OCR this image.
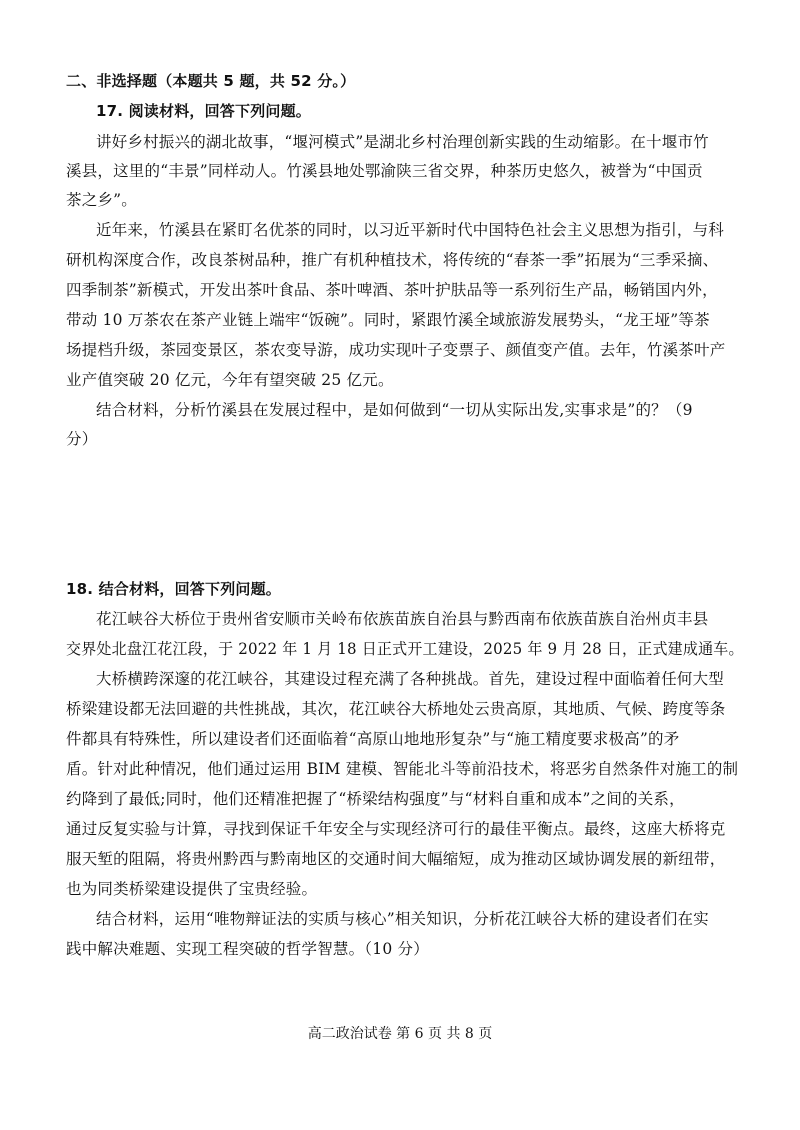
二、非选择题（本题共 5 题，共 52 分。）
17. 阅读材料，回答下列问题。
讲好乡村振兴的湖北故事，“堰河模式”是湖北乡村治理创新实践的生动缩影。在十堰市竹
溪县，这里的“丰景”同样动人。竹溪县地处鄂渝陕三省交界，种茶历史悠久，被誉为“中国贡
茶之乡”。
近年来，竹溪县在紧盯名优茶的同时，以习近平新时代中国特色社会主义思想为指引，与科
研机构深度合作，改良茶树品种，推广有机种植技术，将传统的“春茶一季”拓展为“三季采摘、
四季制茶”新模式，开发出茶叶食品、茶叶啤酒、茶叶护肤品等一系列衍生产品，畅销国内外，
带动 10 万茶农在茶产业链上端牢“饭碗”。同时，紧跟竹溪全域旅游发展势头，“龙王垭”等茶
场提档升级，茶园变景区，茶农变导游，成功实现叶子变票子、颜值变产值。去年，竹溪茶叶产
业产值突破 20 亿元，今年有望突破 25 亿元。
结合材料，分析竹溪县在发展过程中，是如何做到“一切从实际出发,实事求是”的？（9
分）
18. 结合材料，回答下列问题。
花江峡谷大桥位于贵州省安顺市关岭布依族苗族自治县与黔西南布依族苗族自治州贞丰县
交界处北盘江花江段，于 2022 年 1 月 18 日正式开工建设，2025 年 9 月 28 日，正式建成通车。
大桥横跨深邃的花江峡谷，其建设过程充满了各种挑战。首先，建设过程中面临着任何大型
桥梁建设都无法回避的共性挑战，其次，花江峡谷大桥地处云贵高原，其地质、气候、跨度等条
件都具有特殊性，所以建设者们还面临着“高原山地地形复杂”与“施工精度要求极高”的矛
盾。针对此种情况，他们通过运用 BIM 建模、智能北斗等前沿技术，将恶劣自然条件对施工的制
约降到了最低;同时，他们还精准把握了“桥梁结构强度”与“材料自重和成本”之间的关系，
通过反复实验与计算，寻找到保证千年安全与实现经济可行的最佳平衡点。最终，这座大桥将克
服天堑的阻隔，将贵州黔西与黔南地区的交通时间大幅缩短，成为推动区域协调发展的新纽带，
也为同类桥梁建设提供了宝贵经验。
结合材料，运用“唯物辩证法的实质与核心”相关知识，分析花江峡谷大桥的建设者们在实
践中解决难题、实现工程突破的哲学智慧。（10 分）
高二政治试卷 第 6 页 共 8 页
